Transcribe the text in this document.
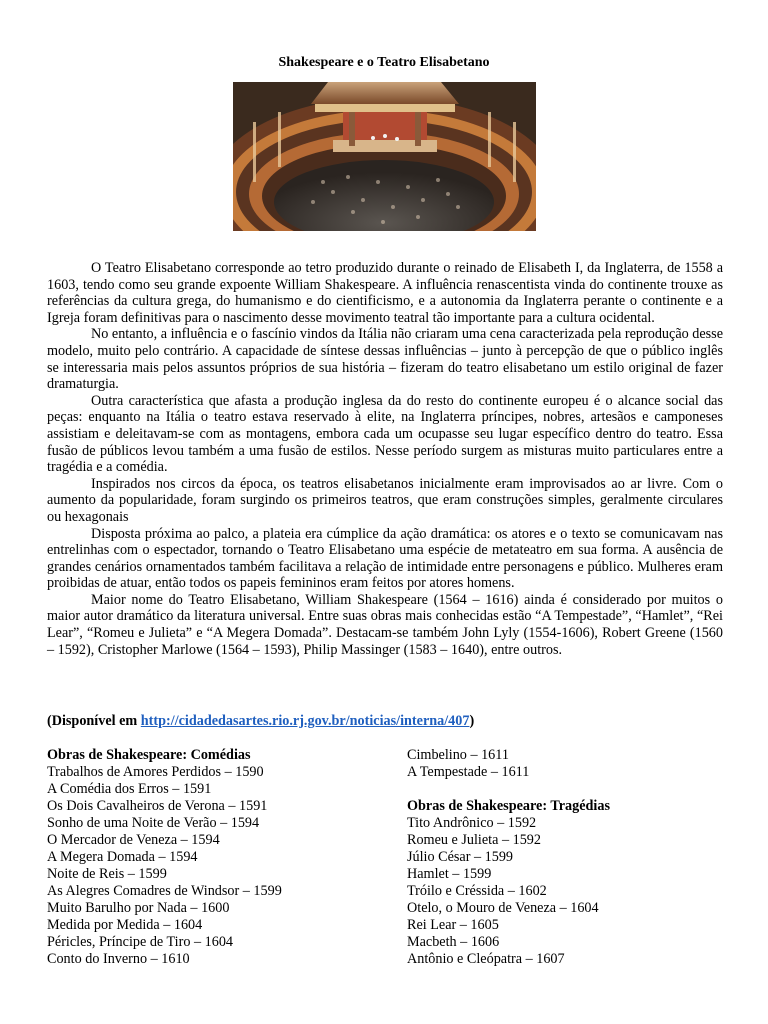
Shakespeare e o Teatro Elisabetano

O Teatro Elisabetano corresponde ao tetro produzido durante o reinado de Elisabeth I, da Inglaterra, de 1558 a 1603, tendo como seu grande expoente William Shakespeare. A influência renascentista vinda do continente trouxe as referências da cultura grega, do humanismo e do cientificismo, e a autonomia da Inglaterra perante o continente e a Igreja foram definitivas para o nascimento desse movimento teatral tão importante para a cultura ocidental.

No entanto, a influência e o fascínio vindos da Itália não criaram uma cena caracterizada pela reprodução desse modelo, muito pelo contrário. A capacidade de síntese dessas influências – junto à percepção de que o público inglês se interessaria mais pelos assuntos próprios de sua história – fizeram do teatro elisabetano um estilo original de fazer dramaturgia.

Outra característica que afasta a produção inglesa da do resto do continente europeu é o alcance social das peças: enquanto na Itália o teatro estava reservado à elite, na Inglaterra príncipes, nobres, artesãos e camponeses assistiam e deleitavam-se com as montagens, embora cada um ocupasse seu lugar específico dentro do teatro. Essa fusão de públicos levou também a uma fusão de estilos. Nesse período surgem as misturas muito particulares entre a tragédia e a comédia.

Inspirados nos circos da época, os teatros elisabetanos inicialmente eram improvisados ao ar livre. Com o aumento da popularidade, foram surgindo os primeiros teatros, que eram construções simples, geralmente circulares ou hexagonais

Disposta próxima ao palco, a plateia era cúmplice da ação dramática: os atores e o texto se comunicavam nas entrelinhas com o espectador, tornando o Teatro Elisabetano uma espécie de metateatro em sua forma. A ausência de grandes cenários ornamentados também facilitava a relação de intimidade entre personagens e público. Mulheres eram proibidas de atuar, então todos os papeis femininos eram feitos por atores homens.

Maior nome do Teatro Elisabetano, William Shakespeare (1564 – 1616) ainda é considerado por muitos o maior autor dramático da literatura universal. Entre suas obras mais conhecidas estão “A Tempestade”, “Hamlet”, “Rei Lear”, “Romeu e Julieta” e “A Megera Domada”. Destacam-se também John Lyly (1554-1606), Robert Greene (1560 – 1592), Cristopher Marlowe (1564 – 1593), Philip Massinger (1583 – 1640), entre outros.

(Disponível em http://cidadedasartes.rio.rj.gov.br/noticias/interna/407)
Obras de Shakespeare: Comédias
Trabalhos de Amores Perdidos – 1590
A Comédia dos Erros – 1591
Os Dois Cavalheiros de Verona – 1591
Sonho de uma Noite de Verão – 1594
O Mercador de Veneza – 1594
A Megera Domada – 1594
Noite de Reis – 1599
As Alegres Comadres de Windsor – 1599
Muito Barulho por Nada – 1600
Medida por Medida – 1604
Péricles, Príncipe de Tiro – 1604
Conto do Inverno – 1610
Cimbelino – 1611
A Tempestade – 1611
Obras de Shakespeare: Tragédias
Tito Andrônico – 1592
Romeu e Julieta – 1592
Júlio César – 1599
Hamlet – 1599
Tróilo e Créssida – 1602
Otelo, o Mouro de Veneza – 1604
Rei Lear – 1605
Macbeth – 1606
Antônio e Cleópatra – 1607
